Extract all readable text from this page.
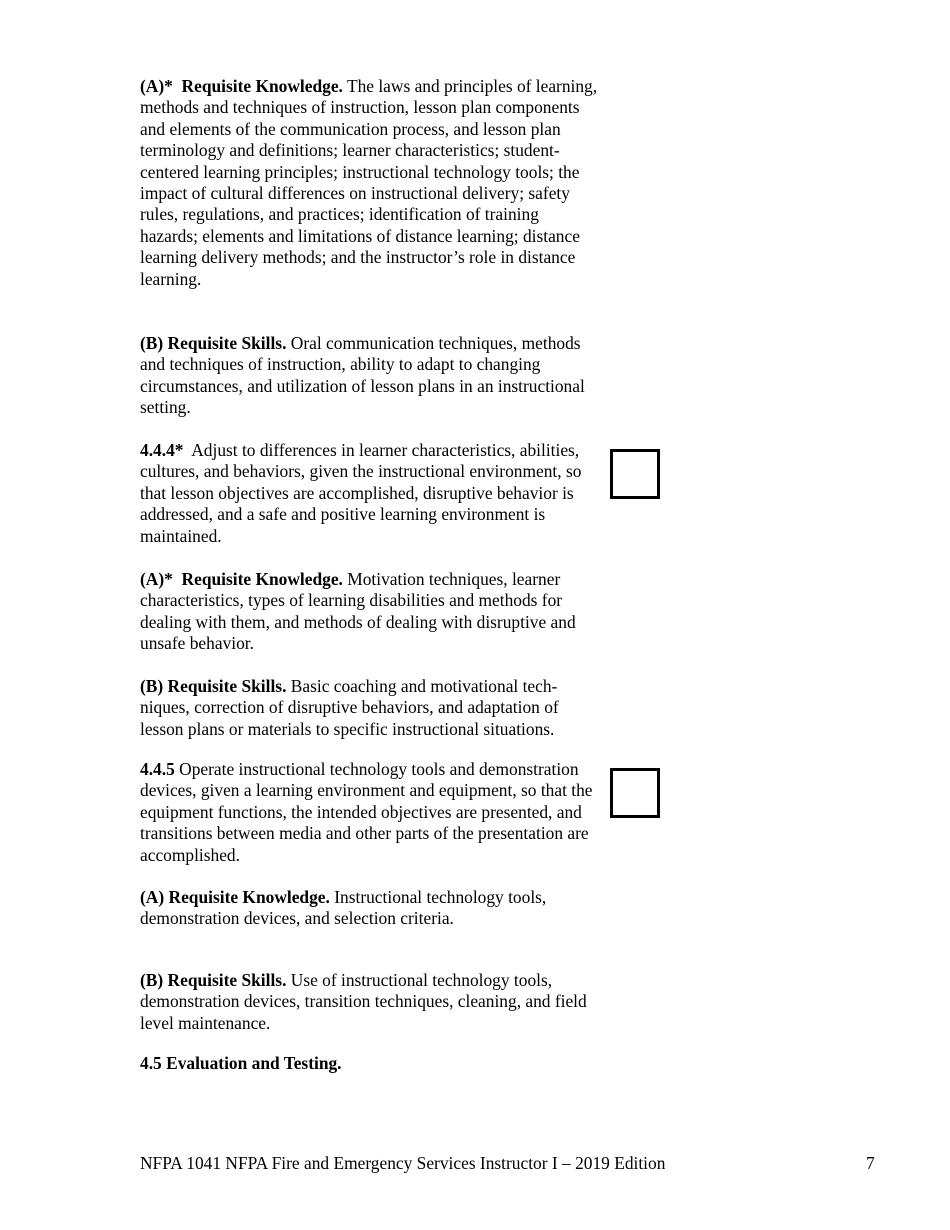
(A)* Requisite Knowledge. The laws and principles of learning, methods and techniques of instruction, lesson plan components and elements of the communication process, and lesson plan terminology and definitions; learner characteristics; student-centered learning principles; instructional technology tools; the impact of cultural differences on instructional delivery; safety rules, regulations, and practices; identification of training hazards; elements and limitations of distance learning; distance learning delivery methods; and the instructor’s role in distance learning.

(B) Requisite Skills. Oral communication techniques, methods and techniques of instruction, ability to adapt to changing circumstances, and utilization of lesson plans in an instructional setting.

4.4.4* Adjust to differences in learner characteristics, abilities, cultures, and behaviors, given the instructional environment, so that lesson objectives are accomplished, disruptive behavior is addressed, and a safe and positive learning environment is maintained.

(A)* Requisite Knowledge. Motivation techniques, learner characteristics, types of learning disabilities and methods for dealing with them, and methods of dealing with disruptive and unsafe behavior.

(B) Requisite Skills. Basic coaching and motivational tech-niques, correction of disruptive behaviors, and adaptation of lesson plans or materials to specific instructional situations.

4.4.5 Operate instructional technology tools and demonstration devices, given a learning environment and equipment, so that the equipment functions, the intended objectives are presented, and transitions between media and other parts of the presentation are accomplished.

(A) Requisite Knowledge. Instructional technology tools, demonstration devices, and selection criteria.

(B) Requisite Skills. Use of instructional technology tools, demonstration devices, transition techniques, cleaning, and field level maintenance.

4.5 Evaluation and Testing.

NFPA 1041 NFPA Fire and Emergency Services Instructor I – 2019 Edition	7
